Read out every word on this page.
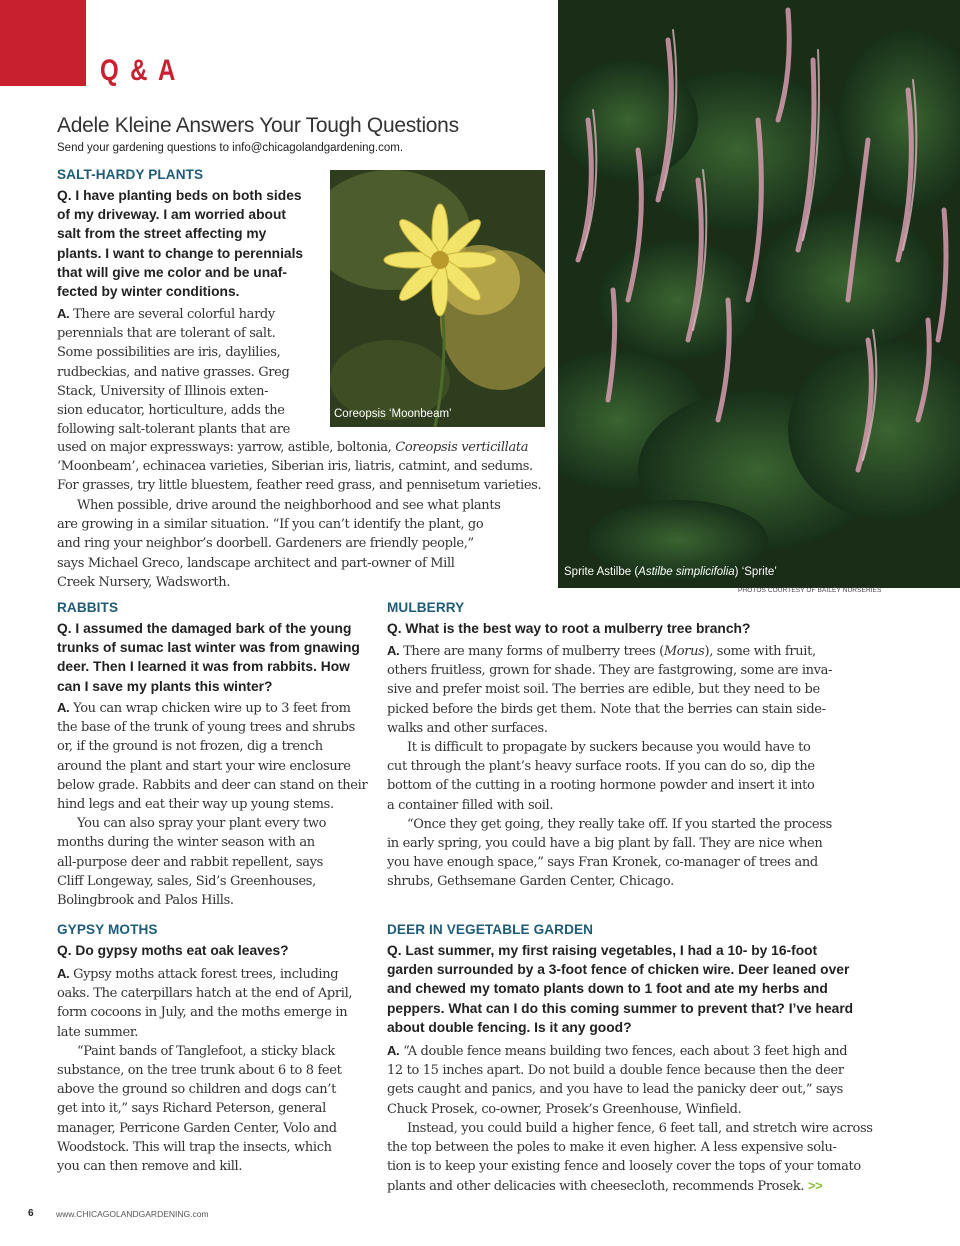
Q & A
Adele Kleine Answers Your Tough Questions
Send your gardening questions to info@chicagolandgardening.com.
Sprite Astilbe (Astilbe simplicifolia) ‘Sprite’
PHOTOS COURTESY OF BAILEY NURSERIES
Coreopsis ‘Moonbeam’
SALT-HARDY PLANTS
Q. I have planting beds on both sides
of my driveway. I am worried about
salt from the street affecting my
plants. I want to change to perennials
that will give me color and be unaf-
fected by winter conditions.
A. There are several colorful hardy
perennials that are tolerant of salt.
Some possibilities are iris, daylilies,
rudbeckias, and native grasses. Greg
Stack, University of Illinois exten-
sion educator, horticulture, adds the
following salt-tolerant plants that are
used on major expressways: yarrow, astible, boltonia, Coreopsis verticillata
‘Moonbeam’, echinacea varieties, Siberian iris, liatris, catmint, and sedums.
For grasses, try little bluestem, feather reed grass, and pennisetum varieties.
When possible, drive around the neighborhood and see what plants
are growing in a similar situation. “If you can’t identify the plant, go
and ring your neighbor’s doorbell. Gardeners are friendly people,”
says Michael Greco, landscape architect and part-owner of Mill
Creek Nursery, Wadsworth.
RABBITS
Q. I assumed the damaged bark of the young
trunks of sumac last winter was from gnawing
deer. Then I learned it was from rabbits. How
can I save my plants this winter?
A. You can wrap chicken wire up to 3 feet from
the base of the trunk of young trees and shrubs
or, if the ground is not frozen, dig a trench
around the plant and start your wire enclosure
below grade. Rabbits and deer can stand on their
hind legs and eat their way up young stems.
You can also spray your plant every two
months during the winter season with an
all-purpose deer and rabbit repellent, says
Cliff Longeway, sales, Sid’s Greenhouses,
Bolingbrook and Palos Hills.
MULBERRY
Q. What is the best way to root a mulberry tree branch?
A. There are many forms of mulberry trees (Morus), some with fruit,
others fruitless, grown for shade. They are fastgrowing, some are inva-
sive and prefer moist soil. The berries are edible, but they need to be
picked before the birds get them. Note that the berries can stain side-
walks and other surfaces.
It is difficult to propagate by suckers because you would have to
cut through the plant’s heavy surface roots. If you can do so, dip the
bottom of the cutting in a rooting hormone powder and insert it into
a container filled with soil.
“Once they get going, they really take off. If you started the process
in early spring, you could have a big plant by fall. They are nice when
you have enough space,” says Fran Kronek, co-manager of trees and
shrubs, Gethsemane Garden Center, Chicago.
GYPSY MOTHS
Q. Do gypsy moths eat oak leaves?
A. Gypsy moths attack forest trees, including
oaks. The caterpillars hatch at the end of April,
form cocoons in July, and the moths emerge in
late summer.
“Paint bands of Tanglefoot, a sticky black
substance, on the tree trunk about 6 to 8 feet
above the ground so children and dogs can’t
get into it,” says Richard Peterson, general
manager, Perricone Garden Center, Volo and
Woodstock. This will trap the insects, which
you can then remove and kill.
DEER IN VEGETABLE GARDEN
Q. Last summer, my first raising vegetables, I had a 10- by 16-foot
garden surrounded by a 3-foot fence of chicken wire. Deer leaned over
and chewed my tomato plants down to 1 foot and ate my herbs and
peppers. What can I do this coming summer to prevent that? I’ve heard
about double fencing. Is it any good?
A. “A double fence means building two fences, each about 3 feet high and
12 to 15 inches apart. Do not build a double fence because then the deer
gets caught and panics, and you have to lead the panicky deer out,” says
Chuck Prosek, co-owner, Prosek’s Greenhouse, Winfield.
Instead, you could build a higher fence, 6 feet tall, and stretch wire across
the top between the poles to make it even higher. A less expensive solu-
tion is to keep your existing fence and loosely cover the tops of your tomato
plants and other delicacies with cheesecloth, recommends Prosek. >>
6	www.CHICAGOLANDGARDENING.com
